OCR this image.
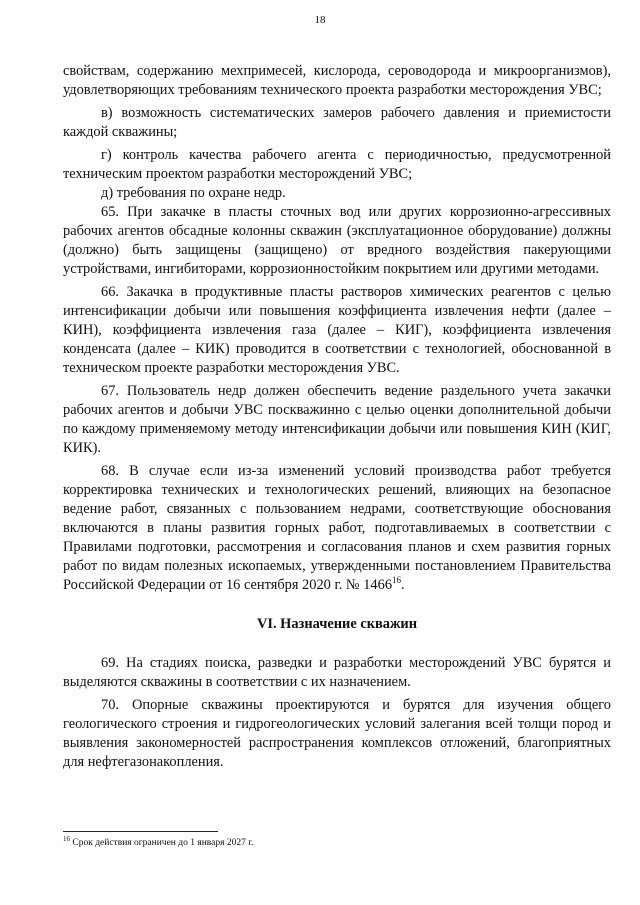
18

свойствам, содержанию мехпримесей, кислорода, сероводорода и микроорганизмов), удовлетворяющих требованиям технического проекта разработки месторождения УВС;

в) возможность систематических замеров рабочего давления и приемистости каждой скважины;

г) контроль качества рабочего агента с периодичностью, предусмотренной техническим проектом разработки месторождений УВС;

д) требования по охране недр.

65. При закачке в пласты сточных вод или других коррозионно-агрессивных рабочих агентов обсадные колонны скважин (эксплуатационное оборудование) должны (должно) быть защищены (защищено) от вредного воздействия пакерующими устройствами, ингибиторами, коррозионностойким покрытием или другими методами.

66. Закачка в продуктивные пласты растворов химических реагентов с целью интенсификации добычи или повышения коэффициента извлечения нефти (далее – КИН), коэффициента извлечения газа (далее – КИГ), коэффициента извлечения конденсата (далее – КИК) проводится в соответствии с технологией, обоснованной в техническом проекте разработки месторождения УВС.

67. Пользователь недр должен обеспечить ведение раздельного учета закачки рабочих агентов и добычи УВС поскважинно с целью оценки дополнительной добычи по каждому применяемому методу интенсификации добычи или повышения КИН (КИГ, КИК).

68. В случае если из-за изменений условий производства работ требуется корректировка технических и технологических решений, влияющих на безопасное ведение работ, связанных с пользованием недрами, соответствующие обоснования включаются в планы развития горных работ, подготавливаемых в соответствии с Правилами подготовки, рассмотрения и согласования планов и схем развития горных работ по видам полезных ископаемых, утвержденными постановлением Правительства Российской Федерации от 16 сентября 2020 г. № 1466$^{16}$.

VI. Назначение скважин

69. На стадиях поиска, разведки и разработки месторождений УВС бурятся и выделяются скважины в соответствии с их назначением.

70. Опорные скважины проектируются и бурятся для изучения общего геологического строения и гидрогеологических условий залегания всей толщи пород и выявления закономерностей распространения комплексов отложений, благоприятных для нефтегазонакопления.

$^{16}$ Срок действия ограничен до 1 января 2027 г.
